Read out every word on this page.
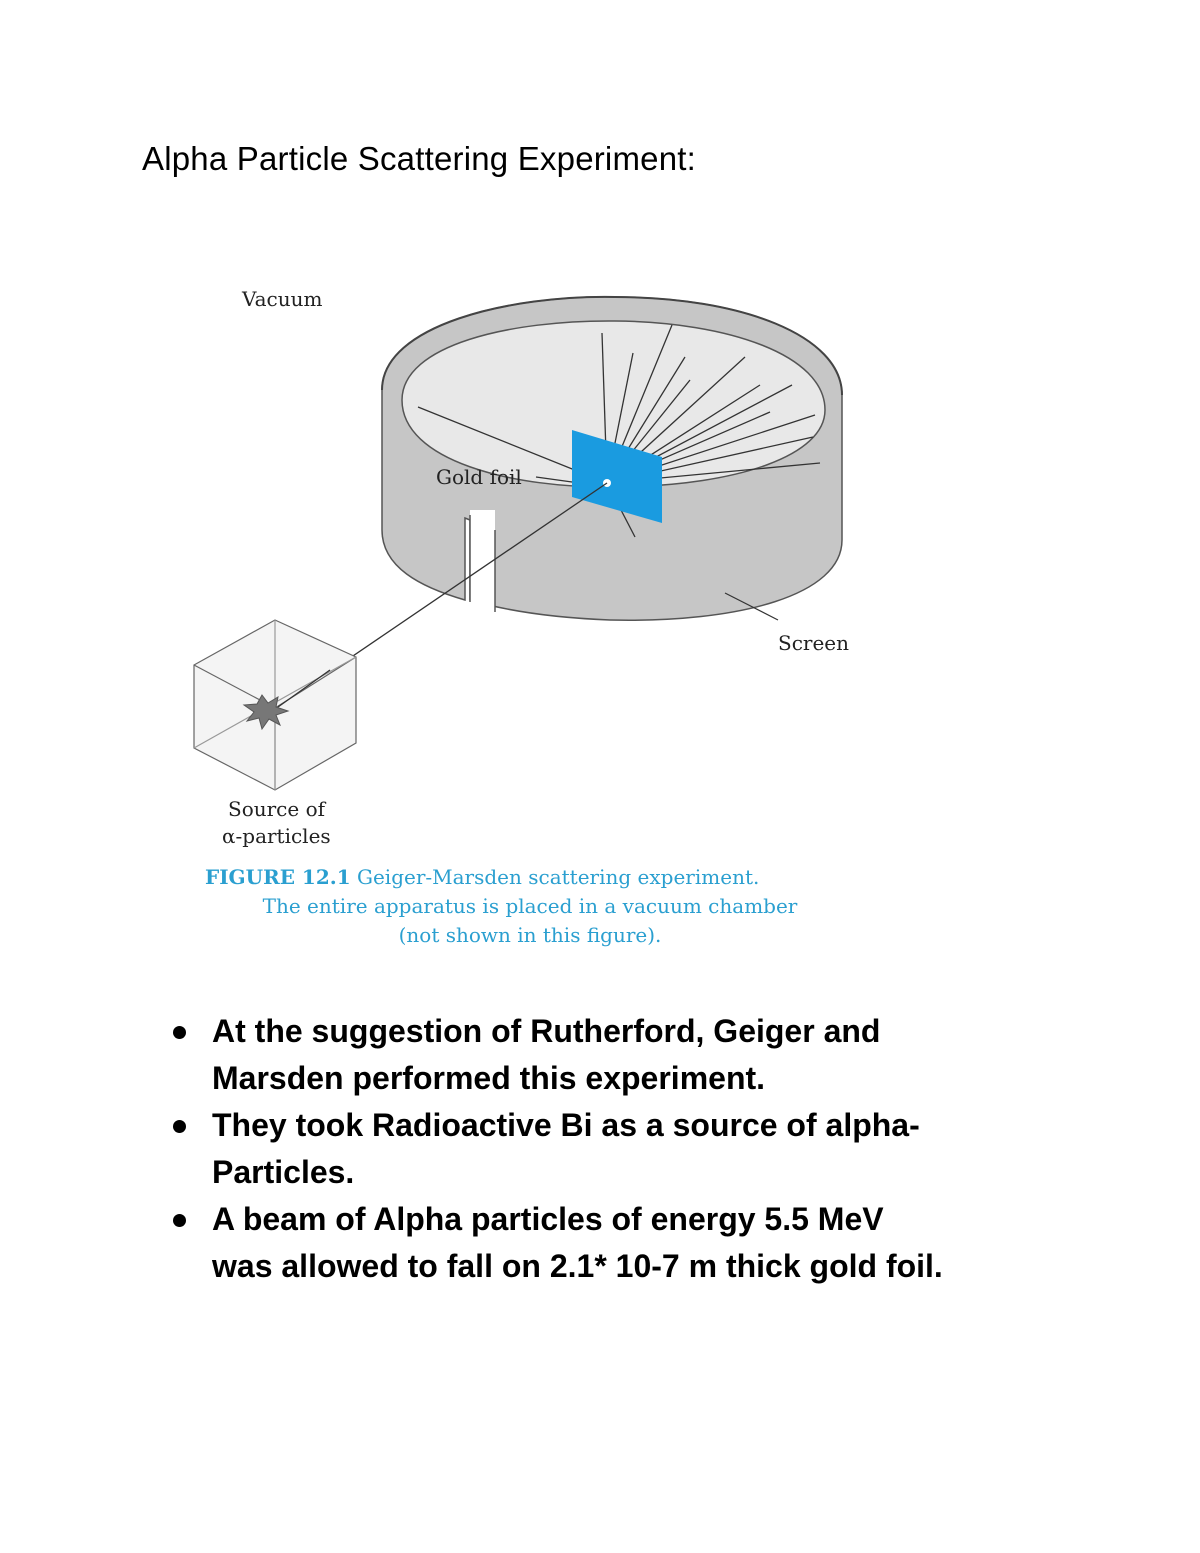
Alpha Particle Scattering Experiment:
Vacuum
Gold foil
Screen
Source of
α-particles
FIGURE 12.1 Geiger-Marsden scattering experiment.
The entire apparatus is placed in a vacuum chamber
(not shown in this figure).
At the suggestion of Rutherford, Geiger and
Marsden performed this experiment.
They took Radioactive Bi as a source of alpha-
Particles.
A beam of Alpha particles of energy 5.5 MeV
was allowed to fall on 2.1* 10-7 m thick gold foil.
